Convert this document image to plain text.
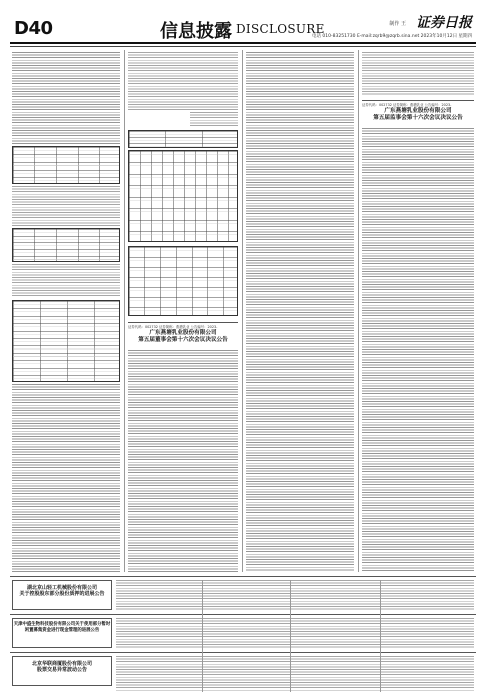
D40	信息披露 DISCLOSURE	制作 王 证券日报
电话 010-83251730 E-mail:zqrb9@zqrb.sina.net 2023年10月12日 星期四
证券代码：002732 证券简称：燕塘乳业 公告编号：2023-
广东燕塘乳业股份有限公司
第五届董事会第十六次会议决议公告
证券代码：002732 证券简称：燕塘乳业 公告编号：2023-
广东燕塘乳业股份有限公司
第五届监事会第十六次会议决议公告
湖北京山轻工机械股份有限公司
关于控股股东部分股份质押的进展公告
天津中盛生物科技股份有限公司关于使用部分暂时
闲置募集资金进行现金管理的进展公告
北京华联商厦股份有限公司
股票交易异常波动公告
